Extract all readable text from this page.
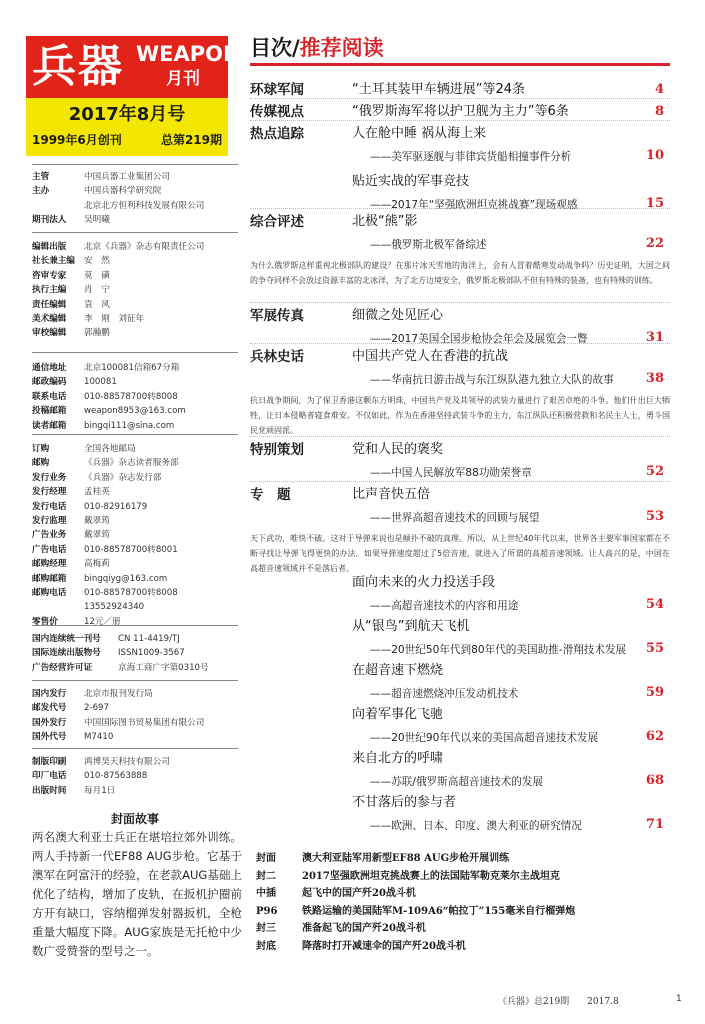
兵器 WEAPON
月刊
2017年8月号
1999年6月创刊	总第219期
主管	中国兵器工业集团公司
主办	中国兵器科学研究院
北京北方恒利科技发展有限公司
期刊法人	吴明曦
编辑出版	北京《兵器》杂志有限责任公司
社长兼主编	安　然
咨审专家	莫　磺
执行主编	肖　宁
责任编辑	袁　风
美术编辑	李　刚　刘征年
审校编辑	郭瀚鹏
通信地址	北京100081信箱67分箱
邮政编码	100081
联系电话	010-88578700转8008
投稿邮箱	weapon8953@163.com
读者邮箱	bingqi111@sina.com
订购	全国各地邮局
邮购	《兵器》杂志读者服务部
发行业务	《兵器》杂志发行部
发行经理	孟桂英
发行电话	010-82916179
发行监理	戴翠筠
广告业务	戴翠筠
广告电话	010-88578700转8001
邮购经理	高梅莉
邮购邮箱	bingqiyg@163.com
邮购电话	010-88578700转8008
13552924340
零售价	12元／册
国内连续统一刊号	CN 11-4419/TJ
国际连续出版物号	ISSN1009-3567
广告经营许可证	京海工商广字第0310号
国内发行	北京市报刊发行局
邮发代号	2-697
国外发行	中国国际图书贸易集团有限公司
国外代号	M7410
制版印刷	鸿博昊天科技有限公司
印厂电话	010-87563888
出版时间	每月1日
封面故事
两名澳大利亚士兵正在堪培拉郊外训练。两人手持新一代EF88 AUG步枪。它基于澳军在阿富汗的经验，在老款AUG基础上优化了结构，增加了皮轨，在扳机护圈前方开有缺口，容纳榴弹发射器扳机，全枪重量大幅度下降。AUG家族是无托枪中少数广受赞誉的型号之一。
目次/推荐阅读
环球军闻	“土耳其装甲车辆进展”等24条	4
传媒视点	“俄罗斯海军将以护卫舰为主力”等6条	8
热点追踪	人在舱中睡 祸从海上来
——美军驱逐舰与菲律宾货船相撞事件分析	10
贴近实战的军事竞技
——2017年“坚强欧洲坦克挑战赛”现场观感	15
综合评述	北极“熊”影
——俄罗斯北极军备综述	22
为什么俄罗斯这样重视北极部队的建设？在那片冰天雪地的海洋上，会有人冒着酷寒发动战争吗？历史证明，大国之间的争夺同样不会放过资源丰富的北冰洋，为了北方边境安全，俄罗斯北极部队不但有特殊的装备，也有特殊的训练。
军展传真	细微之处见匠心
——2017美国全国步枪协会年会及展览会一瞥	31
兵林史话	中国共产党人在香港的抗战
——华南抗日游击战与东江纵队港九独立大队的故事 38
抗日战争期间，为了保卫香港这颗东方明珠，中国共产党及其领导的武装力量进行了艰苦卓绝的斗争。他们什出巨大牺牲，让日本侵略者寝食难安。不仅如此，作为在香港坚持武装斗争的主力，东江纵队还积极营救和名民主人士，勇斗国民党顽固派。
特别策划	党和人民的褒奖
——中国人民解放军88功勋荣誉章	52
专　题	比声音快五倍
——世界高超音速技术的回顾与展望	53
天下武功，唯快不破。这对于导弹来说也是颠扑不破的真理。所以，从上世纪40年代以来，世界各主要军事国家都在不断寻找让导弹飞得更快的办法。如果导弹速度超过了5倍音速，就进入了所谓的高超音速领域。让人高兴的是，中国在高超音速领域并不是落后者。
面向未来的火力投送手段
——高超音速技术的内容和用途	54
从“银鸟”到航天飞机
——20世纪50年代到80年代的美国助推-滑翔技术发展 55
在超音速下燃烧
——超音速燃烧冲压发动机技术	59
向着军事化飞驰
——20世纪90年代以来的美国高超音速技术发展	62
来自北方的呼啸
——苏联/俄罗斯高超音速技术的发展	68
不甘落后的参与者
——欧洲、日本、印度、澳大利亚的研究情况	71
封面	澳大利亚陆军用新型EF88 AUG步枪开展训练
封二	2017坚强欧洲坦克挑战赛上的法国陆军勒克莱尔主战坦克
中插	起飞中的国产歼20战斗机
P96	铁路运输的美国陆军M-109A6“帕拉丁”155毫米自行榴弹炮
封三	准备起飞的国产歼20战斗机
封底	降落时打开减速伞的国产歼20战斗机
《兵器》总219期　　2017.8	1
